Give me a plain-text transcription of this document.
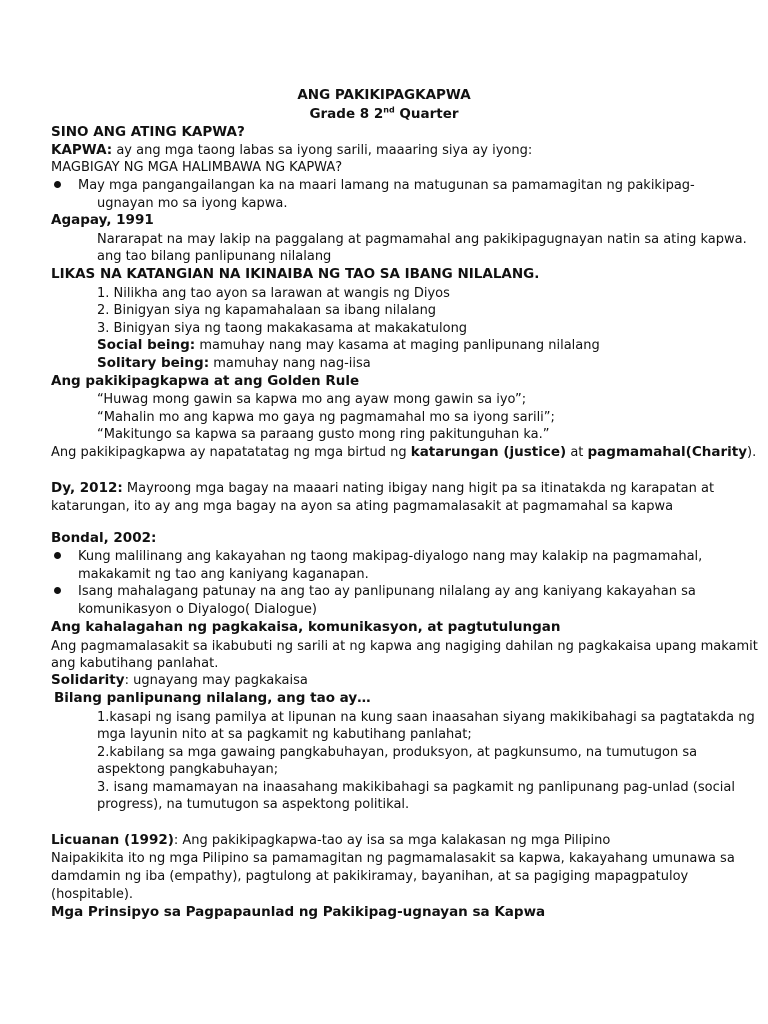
ANG PAKIKIPAGKAPWA
Grade 8 2nd Quarter
SINO ANG ATING KAPWA?
KAPWA: ay ang mga taong labas sa iyong sarili, maaaring siya ay iyong:
MAGBIGAY NG MGA HALIMBAWA NG KAPWA?
May mga pangangailangan ka na maari lamang na matugunan sa pamamagitan ng pakikipag-
ugnayan mo sa iyong kapwa.
Agapay, 1991
Nararapat na may lakip na paggalang at pagmamahal ang pakikipagugnayan natin sa ating kapwa.
ang tao bilang panlipunang nilalang
LIKAS NA KATANGIAN NA IKINAIBA NG TAO SA IBANG NILALANG.
1. Nilikha ang tao ayon sa larawan at wangis ng Diyos
2. Binigyan siya ng kapamahalaan sa ibang nilalang
3. Binigyan siya ng taong makakasama at makakatulong
Social being: mamuhay nang may kasama at maging panlipunang nilalang
Solitary being: mamuhay nang nag-iisa
Ang pakikipagkapwa at ang Golden Rule
“Huwag mong gawin sa kapwa mo ang ayaw mong gawin sa iyo”;
“Mahalin mo ang kapwa mo gaya ng pagmamahal mo sa iyong sarili”;
“Makitungo sa kapwa sa paraang gusto mong ring pakitunguhan ka.”
Ang pakikipagkapwa ay napatatatag ng mga birtud ng katarungan (justice) at pagmamahal(Charity).
Dy, 2012: Mayroong mga bagay na maaari nating ibigay nang higit pa sa itinatakda ng karapatan at
katarungan, ito ay ang mga bagay na ayon sa ating pagmamalasakit at pagmamahal sa kapwa
Bondal, 2002:
Kung malilinang ang kakayahan ng taong makipag-diyalogo nang may kalakip na pagmamahal,
makakamit ng tao ang kaniyang kaganapan.
Isang mahalagang patunay na ang tao ay panlipunang nilalang ay ang kaniyang kakayahan sa
komunikasyon o Diyalogo( Dialogue)
Ang kahalagahan ng pagkakaisa, komunikasyon, at pagtutulungan
Ang pagmamalasakit sa ikabubuti ng sarili at ng kapwa ang nagiging dahilan ng pagkakaisa upang makamit
ang kabutihang panlahat.
Solidarity: ugnayang may pagkakaisa
Bilang panlipunang nilalang, ang tao ay…
1.kasapi ng isang pamilya at lipunan na kung saan inaasahan siyang makikibahagi sa pagtatakda ng
mga layunin nito at sa pagkamit ng kabutihang panlahat;
2.kabilang sa mga gawaing pangkabuhayan, produksyon, at pagkunsumo, na tumutugon sa
aspektong pangkabuhayan;
3. isang mamamayan na inaasahang makikibahagi sa pagkamit ng panlipunang pag-unlad (social
progress), na tumutugon sa aspektong politikal.
Licuanan (1992): Ang pakikipagkapwa-tao ay isa sa mga kalakasan ng mga Pilipino
Naipakikita ito ng mga Pilipino sa pamamagitan ng pagmamalasakit sa kapwa, kakayahang umunawa sa
damdamin ng iba (empathy), pagtulong at pakikiramay, bayanihan, at sa pagiging mapagpatuloy
(hospitable).
Mga Prinsipyo sa Pagpapaunlad ng Pakikipag-ugnayan sa Kapwa
